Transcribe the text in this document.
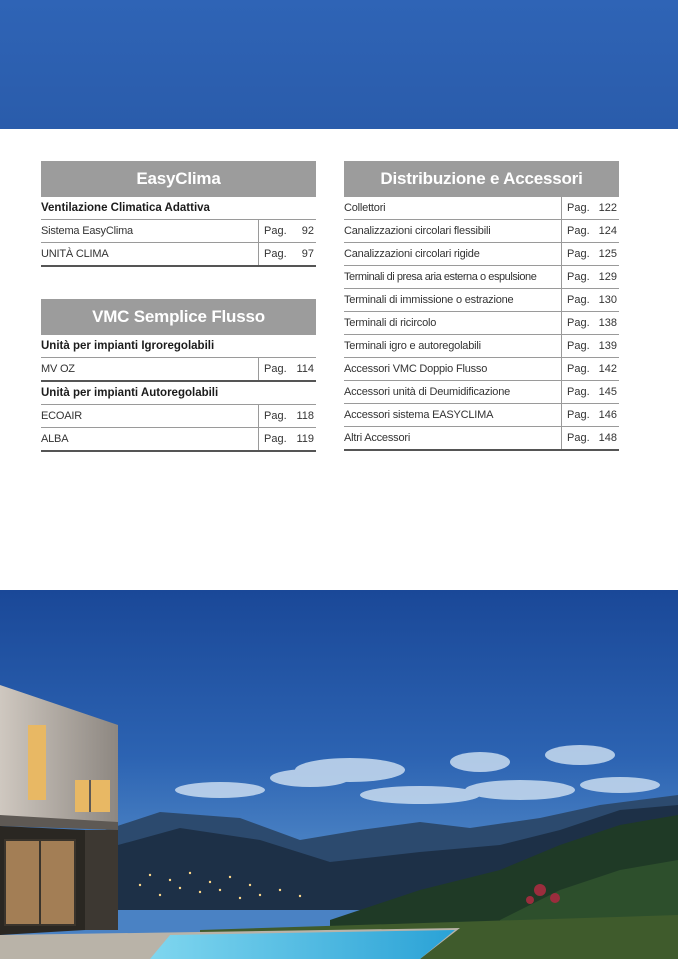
EasyClima
Ventilazione Climatica Adattiva
Sistema EasyClima	Pag. 92
UNITÀ CLIMA	Pag. 97
VMC Semplice Flusso
Unità per impianti Igroregolabili
MV OZ	Pag. 114
Unità per impianti Autoregolabili
ECOAIR	Pag. 118
ALBA	Pag. 119
Distribuzione e Accessori
Collettori	Pag. 122
Canalizzazioni circolari flessibili	Pag. 124
Canalizzazioni circolari rigide	Pag. 125
Terminali di presa aria esterna o espulsione	Pag. 129
Terminali di immissione o estrazione	Pag. 130
Terminali di ricircolo	Pag. 138
Terminali igro e autoregolabili	Pag. 139
Accessori VMC Doppio Flusso	Pag. 142
Accessori unità di Deumidificazione	Pag. 145
Accessori sistema EASYCLIMA	Pag. 146
Altri Accessori	Pag. 148
